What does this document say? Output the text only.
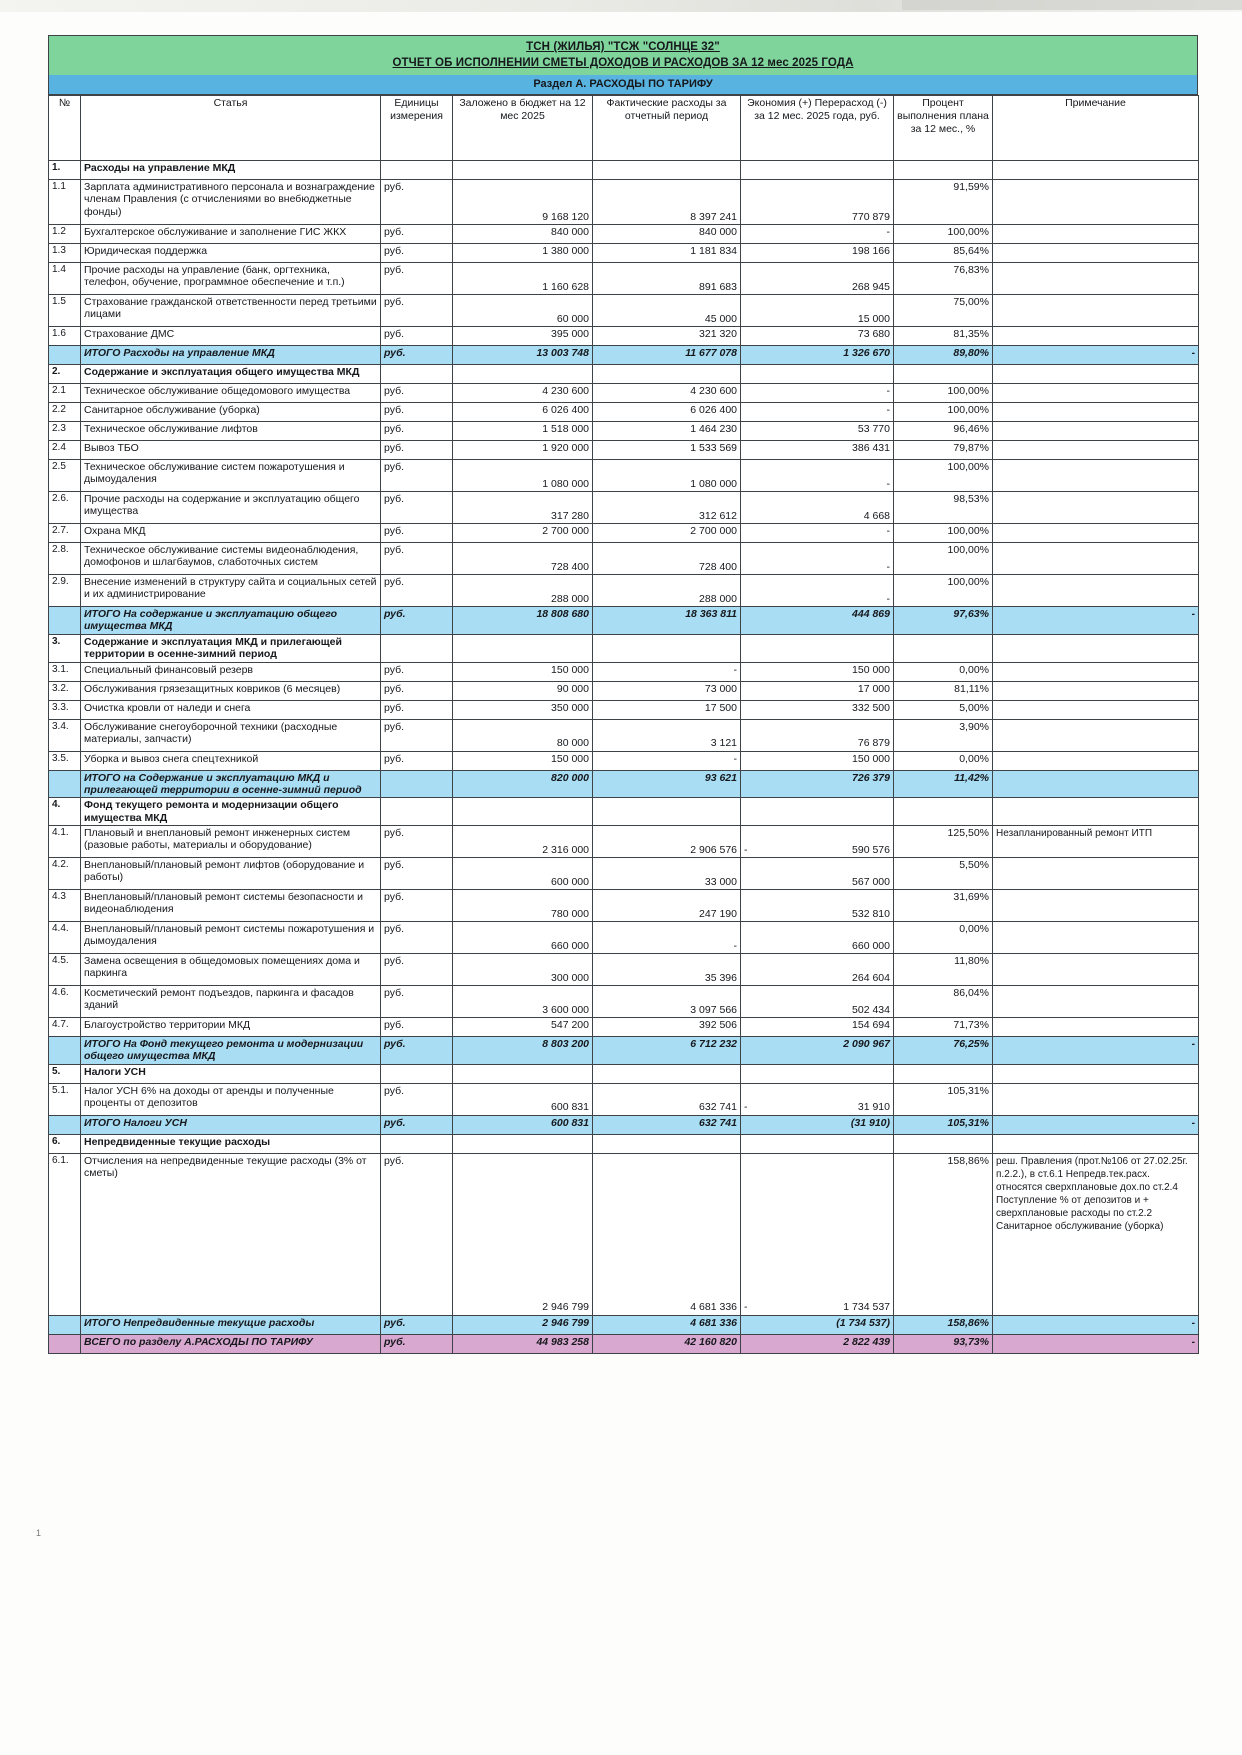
ТСН (ЖИЛЬЯ) "ТСЖ "СОЛНЦЕ 32"
ОТЧЕТ ОБ ИСПОЛНЕНИИ СМЕТЫ ДОХОДОВ И РАСХОДОВ ЗА 12 мес 2025 ГОДА
Раздел А. РАСХОДЫ ПО ТАРИФУ
№	Статья	Единицы измерения	Заложено в бюджет на 12 мес 2025	Фактические расходы за отчетный период	Экономия (+) Перерасход (-) за 12 мес. 2025 года, руб.	Процент выполнения плана за 12 мес., %	Примечание
1.	Расходы на управление МКД						
1.1	Зарплата административного персонала и вознаграждение членам Правления (с отчислениями во внебюджетные фонды)	руб.	9 168 120	8 397 241	770 879	91,59%	
1.2	Бухгалтерское обслуживание и заполнение ГИС ЖКХ	руб.	840 000	840 000	-	100,00%	
1.3	Юридическая поддержка	руб.	1 380 000	1 181 834	198 166	85,64%	
1.4	Прочие расходы на управление (банк, оргтехника, телефон, обучение, программное обеспечение и т.п.)	руб.	1 160 628	891 683	268 945	76,83%	
1.5	Страхование гражданской ответственности перед третьими лицами	руб.	60 000	45 000	15 000	75,00%	
1.6	Страхование ДМС	руб.	395 000	321 320	73 680	81,35%	
	ИТОГО Расходы на управление МКД	руб.	13 003 748	11 677 078	1 326 670	89,80%	-
2.	Содержание и эксплуатация общего имущества МКД						
2.1	Техническое обслуживание общедомового имущества	руб.	4 230 600	4 230 600	-	100,00%	
2.2	Санитарное обслуживание (уборка)	руб.	6 026 400	6 026 400	-	100,00%	
2.3	Техническое обслуживание лифтов	руб.	1 518 000	1 464 230	53 770	96,46%	
2.4	Вывоз ТБО	руб.	1 920 000	1 533 569	386 431	79,87%	
2.5	Техническое обслуживание систем пожаротушения и дымоудаления	руб.	1 080 000	1 080 000	-	100,00%	
2.6.	Прочие расходы на содержание и эксплуатацию общего имущества	руб.	317 280	312 612	4 668	98,53%	
2.7.	Охрана МКД	руб.	2 700 000	2 700 000	-	100,00%	
2.8.	Техническое обслуживание системы видеонаблюдения, домофонов и шлагбаумов, слаботочных систем	руб.	728 400	728 400	-	100,00%	
2.9.	Внесение изменений в структуру сайта и социальных сетей и их администрирование	руб.	288 000	288 000	-	100,00%	
	ИТОГО На содержание и эксплуатацию общего имущества МКД	руб.	18 808 680	18 363 811	444 869	97,63%	-
3.	Содержание и эксплуатация МКД и прилегающей территории в осенне-зимний период						
3.1.	Специальный финансовый резерв	руб.	150 000	-	150 000	0,00%	
3.2.	Обслуживания грязезащитных ковриков (6 месяцев)	руб.	90 000	73 000	17 000	81,11%	
3.3.	Очистка кровли от наледи и снега	руб.	350 000	17 500	332 500	5,00%	
3.4.	Обслуживание снегоуборочной техники (расходные материалы, запчасти)	руб.	80 000	3 121	76 879	3,90%	
3.5.	Уборка и вывоз снега спецтехникой	руб.	150 000	-	150 000	0,00%	
	ИТОГО на Содержание и эксплуатацию МКД и прилегающей территории в осенне-зимний период		820 000	93 621	726 379	11,42%	
4.	Фонд текущего ремонта и модернизации общего имущества МКД						
4.1.	Плановый и внеплановый ремонт инженерных систем (разовые работы, материалы и оборудование)	руб.	2 316 000	2 906 576	- 590 576	125,50%	Незапланированный ремонт ИТП
4.2.	Внеплановый/плановый ремонт лифтов (оборудование и работы)	руб.	600 000	33 000	567 000	5,50%	
4.3	Внеплановый/плановый ремонт системы безопасности и видеонаблюдения	руб.	780 000	247 190	532 810	31,69%	
4.4.	Внеплановый/плановый ремонт системы пожаротушения и дымоудаления	руб.	660 000	-	660 000	0,00%	
4.5.	Замена освещения в общедомовых помещениях дома и паркинга	руб.	300 000	35 396	264 604	11,80%	
4.6.	Косметический ремонт подъездов, паркинга и фасадов зданий	руб.	3 600 000	3 097 566	502 434	86,04%	
4.7.	Благоустройство территории МКД	руб.	547 200	392 506	154 694	71,73%	
	ИТОГО На Фонд текущего ремонта и модернизации общего имущества МКД	руб.	8 803 200	6 712 232	2 090 967	76,25%	-
5.	Налоги УСН						
5.1.	Налог УСН 6% на доходы от аренды и полученные проценты от депозитов	руб.	600 831	632 741	- 31 910	105,31%	
	ИТОГО Налоги УСН	руб.	600 831	632 741	(31 910)	105,31%	-
6.	Непредвиденные текущие расходы						
6.1.	Отчисления на непредвиденные текущие расходы (3% от сметы)	руб.	2 946 799	4 681 336	- 1 734 537	158,86%	реш. Правления (прот.№106 от 27.02.25г. п.2.2.), в ст.6.1 Непредв.тек.расх. относятся сверхплановые дох.по ст.2.4 Поступление % от депозитов и + сверхплановые расходы по ст.2.2 Санитарное обслуживание (уборка)
	ИТОГО Непредвиденные текущие расходы	руб.	2 946 799	4 681 336	(1 734 537)	158,86%	-
	ВСЕГО по разделу А.РАСХОДЫ ПО ТАРИФУ	руб.	44 983 258	42 160 820	2 822 439	93,73%	-
1
